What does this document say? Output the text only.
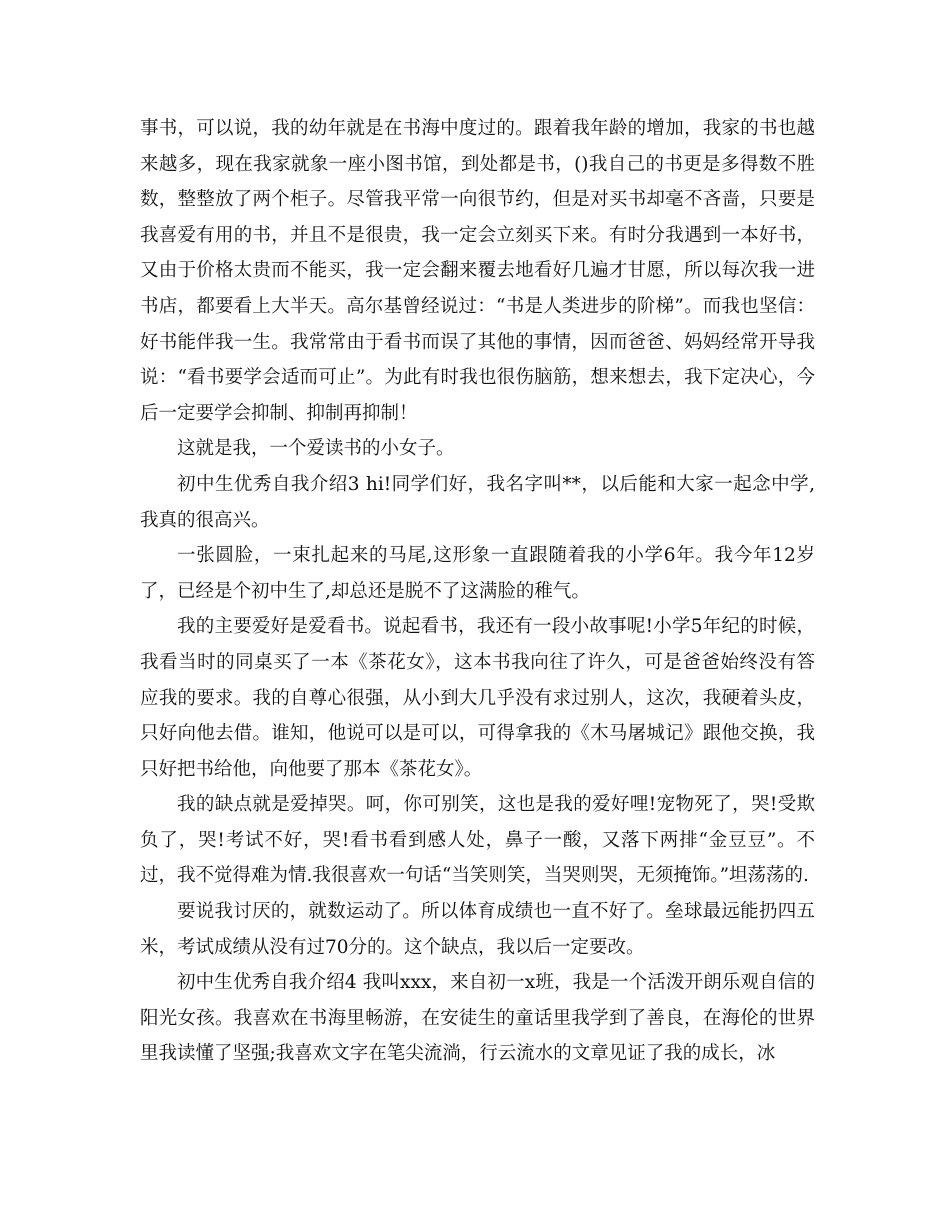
事书，可以说，我的幼年就是在书海中度过的。跟着我年龄的增加，我家的书也越来越多，现在我家就象一座小图书馆，到处都是书，()我自己的书更是多得数不胜数，整整放了两个柜子。尽管我平常一向很节约，但是对买书却毫不吝啬，只要是我喜爱有用的书，并且不是很贵，我一定会立刻买下来。有时分我遇到一本好书，又由于价格太贵而不能买，我一定会翻来覆去地看好几遍才甘愿，所以每次我一进书店，都要看上大半天。高尔基曾经说过：“书是人类进步的阶梯”。而我也坚信：好书能伴我一生。我常常由于看书而误了其他的事情，因而爸爸、妈妈经常开导我说：“看书要学会适而可止”。为此有时我也很伤脑筋，想来想去，我下定决心，今后一定要学会抑制、抑制再抑制！

这就是我，一个爱读书的小女子。

初中生优秀自我介绍3 hi!同学们好，我名字叫**，以后能和大家一起念中学,我真的很高兴。

一张圆脸，一束扎起来的马尾,这形象一直跟随着我的小学6年。我今年12岁了，已经是个初中生了,却总还是脱不了这满脸的稚气。

我的主要爱好是爱看书。说起看书，我还有一段小故事呢!小学5年纪的时候，我看当时的同桌买了一本《茶花女》，这本书我向往了许久，可是爸爸始终没有答应我的要求。我的自尊心很强，从小到大几乎没有求过别人，这次，我硬着头皮，只好向他去借。谁知，他说可以是可以，可得拿我的《木马屠城记》跟他交换，我只好把书给他，向他要了那本《茶花女》。

我的缺点就是爱掉哭。呵，你可别笑，这也是我的爱好哩!宠物死了，哭!受欺负了，哭!考试不好，哭!看书看到感人处，鼻子一酸，又落下两排“金豆豆”。不过，我不觉得难为情.我很喜欢一句话“当笑则笑，当哭则哭，无须掩饰。”坦荡荡的.

要说我讨厌的，就数运动了。所以体育成绩也一直不好了。垒球最远能扔四五米，考试成绩从没有过70分的。这个缺点，我以后一定要改。

初中生优秀自我介绍4 我叫xxx，来自初一x班，我是一个活泼开朗乐观自信的阳光女孩。我喜欢在书海里畅游，在安徒生的童话里我学到了善良，在海伦的世界里我读懂了坚强;我喜欢文字在笔尖流淌，行云流水的文章见证了我的成长，冰
